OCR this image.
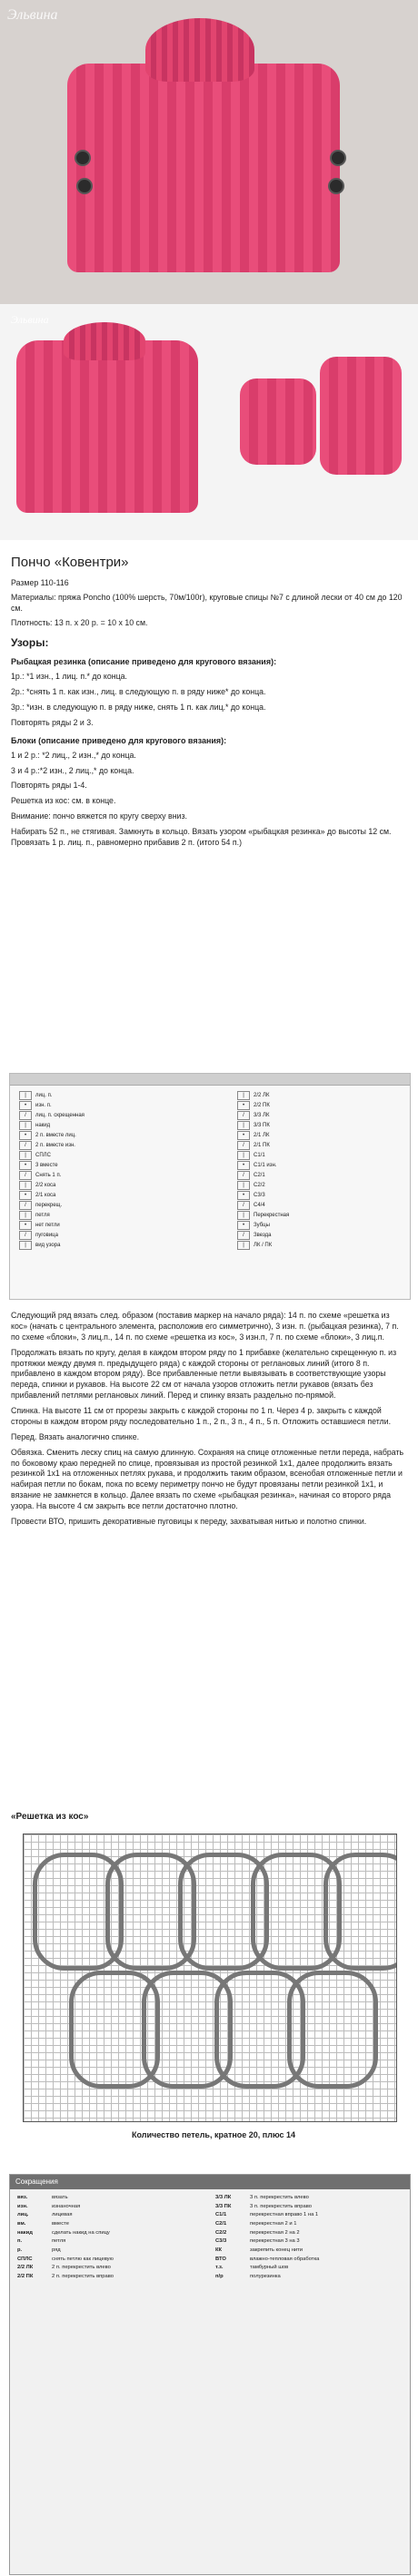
Эльвина
Эльвина
Пончо «Ковентри»
Размер 110-116
Материалы: пряжа Poncho (100% шерсть, 70м/100г), круговые спицы №7 с длиной лески от 40 см до 120 см.
Плотность: 13 п. х 20 р. = 10 х 10 см.
Узоры:
Рыбацкая резинка (описание приведено для кругового вязания):
1р.: *1 изн., 1 лиц. п.* до конца.
2р.: *снять 1 п. как изн., лиц. в следующую п. в ряду ниже* до конца.
3р.: *изн. в следующую п. в ряду ниже, снять 1 п. как лиц.* до конца.
Повторять ряды 2 и 3.
Блоки (описание приведено для кругового вязания):
1 и 2 р.: *2 лиц., 2 изн.,* до конца.
3 и 4 р.:*2 изн., 2 лиц.,* до конца.
Повторять ряды 1-4.
Решетка из кос: см. в конце.
Внимание: пончо вяжется по кругу сверху вниз.
Набирать 52 п., не стягивая. Замкнуть в кольцо. Вязать узором «рыбацкая резинка» до высоты 12 см. Провязать 1 р. лиц. п., равномерно прибавив 2 п. (итого 54 п.)
|	лиц. п.
•	изн. п.
/	лиц. п. скрещенная
|	накид
•	2 п. вместе лиц.
/	2 п. вместе изн.
|	СПЛС
•	3 вместе
/	Снять 1 п.
|	2/2 коса
•	2/1 коса
/	перекрещ.
|	петля
•	нет петли
/	пуговица
|	вид узора
|	2/2 ЛК
•	2/2 ПК
/	3/3 ЛК
|	3/3 ПК
•	2/1 ЛК
/	2/1 ПК
|	С1/1
•	С1/1 изн.
/	С2/1
|	С2/2
•	С3/3
/	С4/4
|	Перекрестная
•	Зубцы
/	Звезда
|	ЛК / ПК
Следующий ряд вязать след. образом (поставив маркер на начало ряда): 14 п. по схеме «решетка из кос» (начать с центрального элемента, расположив его симметрично), 3 изн. п. (рыбацкая резинка), 7 п. по схеме «блоки», 3 лиц.п., 14 п. по схеме «решетка из кос», 3 изн.п, 7 п. по схеме «блоки», 3 лиц.п.
Продолжать вязать по кругу, делая в каждом втором ряду по 1 прибавке (желательно скрещенную п. из протяжки между двумя п. предыдущего ряда) с каждой стороны от реглановых линий (итого 8 п. прибавлено в каждом втором ряду). Все прибавленные петли вывязывать в соответствующие узоры переда, спинки и рукавов. На высоте 22 см от начала узоров отложить петли рукавов (вязать без прибавлений петлями реглановых линий. Перед и спинку вязать раздельно по-прямой.
Спинка. На высоте 11 см от прорезы закрыть с каждой стороны по 1 п. Через 4 р. закрыть с каждой стороны в каждом втором ряду последовательно 1 п., 2 п., 3 п., 4 п., 5 п. Отложить оставшиеся петли.
Перед. Вязать аналогично спинке.
Обвязка. Сменить леску спиц на самую длинную. Сохраняя на спице отложенные петли переда, набрать по боковому краю передней по спице, провязывая из простой резинкой 1х1, далее продолжить вязать резинкой 1х1 на отложенных петлях рукава, и продолжить таким образом, всенобая отложенные петли и набирая петли по бокам, пока по всему периметру пончо не будут провязаны петли резинкой 1х1, и вязание не замкнется в кольцо. Далее вязать по схеме «рыбацкая резинка», начиная со второго ряда узора. На высоте 4 см закрыть все петли достаточно плотно.
Провести ВТО, пришить декоративные пуговицы к переду, захватывая нитью и полотно спинки.
«Решетка из кос»
Количество петель, кратное 20, плюс 14
Сокращения
вяз.	вязать
изн.	изнаночная
лиц.	лицевая
вм.	вместе
накид	сделать накид на спицу
п.	петля
р.	ряд
СПЛС	снять петлю как лицевую
2/2 ЛК	2 п. перекрестить влево
2/2 ПК	2 п. перекрестить вправо
3/3 ЛК	3 п. перекрестить влево
3/3 ПК	3 п. перекрестить вправо
С1/1	перекрестная вправо 1 на 1
С2/1	перекрестная 2 и 1
С2/2	перекрестная 2 на 2
С3/3	перекрестная 3 на 3
КК	закрепить конец нити
ВТО	влажно-тепловая обработка
т.з.	тамбурный шов
п/р	полурезинка
